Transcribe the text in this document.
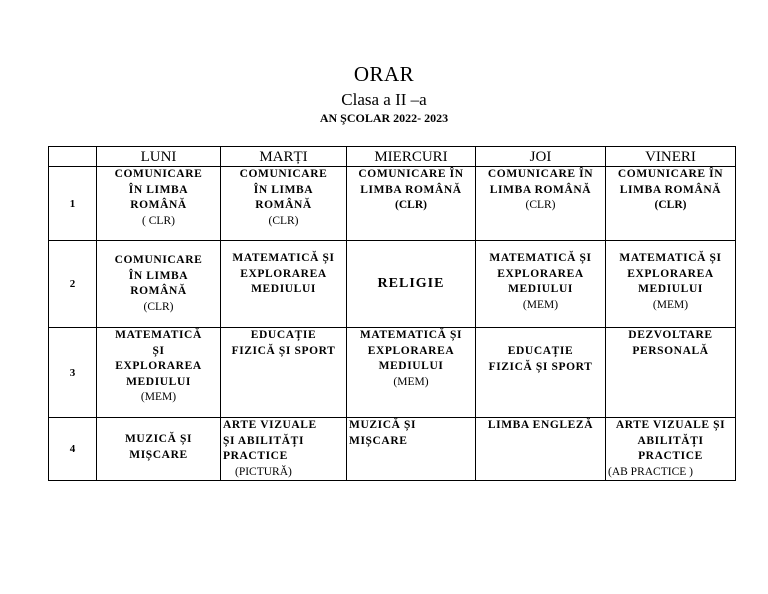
ORAR
Clasa a II –a
AN ŞCOLAR 2022- 2023
	LUNI	MARȚI	MIERCURI	JOI	VINERI
1	COMUNICARE
ÎN LIMBA
ROMÂNĂ
( CLR)	COMUNICARE
ÎN LIMBA
ROMÂNĂ
(CLR)	COMUNICARE ÎN
LIMBA ROMÂNĂ
(CLR)	COMUNICARE ÎN
LIMBA ROMÂNĂ
(CLR)	COMUNICARE ÎN
LIMBA ROMÂNĂ
(CLR)

2	COMUNICARE
ÎN LIMBA
ROMÂNĂ
(CLR)	MATEMATICĂ ȘI
EXPLORAREA
MEDIULUI	RELIGIE	MATEMATICĂ ȘI
EXPLORAREA
MEDIULUI
(MEM)	MATEMATICĂ ȘI
EXPLORAREA
MEDIULUI
(MEM)

3	MATEMATICĂ
ȘI
EXPLORAREA
MEDIULUI
(MEM)	EDUCAȚIE
FIZICĂ ȘI SPORT	MATEMATICĂ ȘI
EXPLORAREA
MEDIULUI
(MEM)	EDUCAȚIE
FIZICĂ ȘI SPORT	DEZVOLTARE
PERSONALĂ

4	MUZICĂ ȘI
MIȘCARE	ARTE VIZUALE
ȘI ABILITĂȚI
PRACTICE
(PICTURĂ)	MUZICĂ ȘI
MIȘCARE	LIMBA ENGLEZĂ	ARTE VIZUALE ȘI
ABILITĂȚI
PRACTICE
(AB PRACTICE )
